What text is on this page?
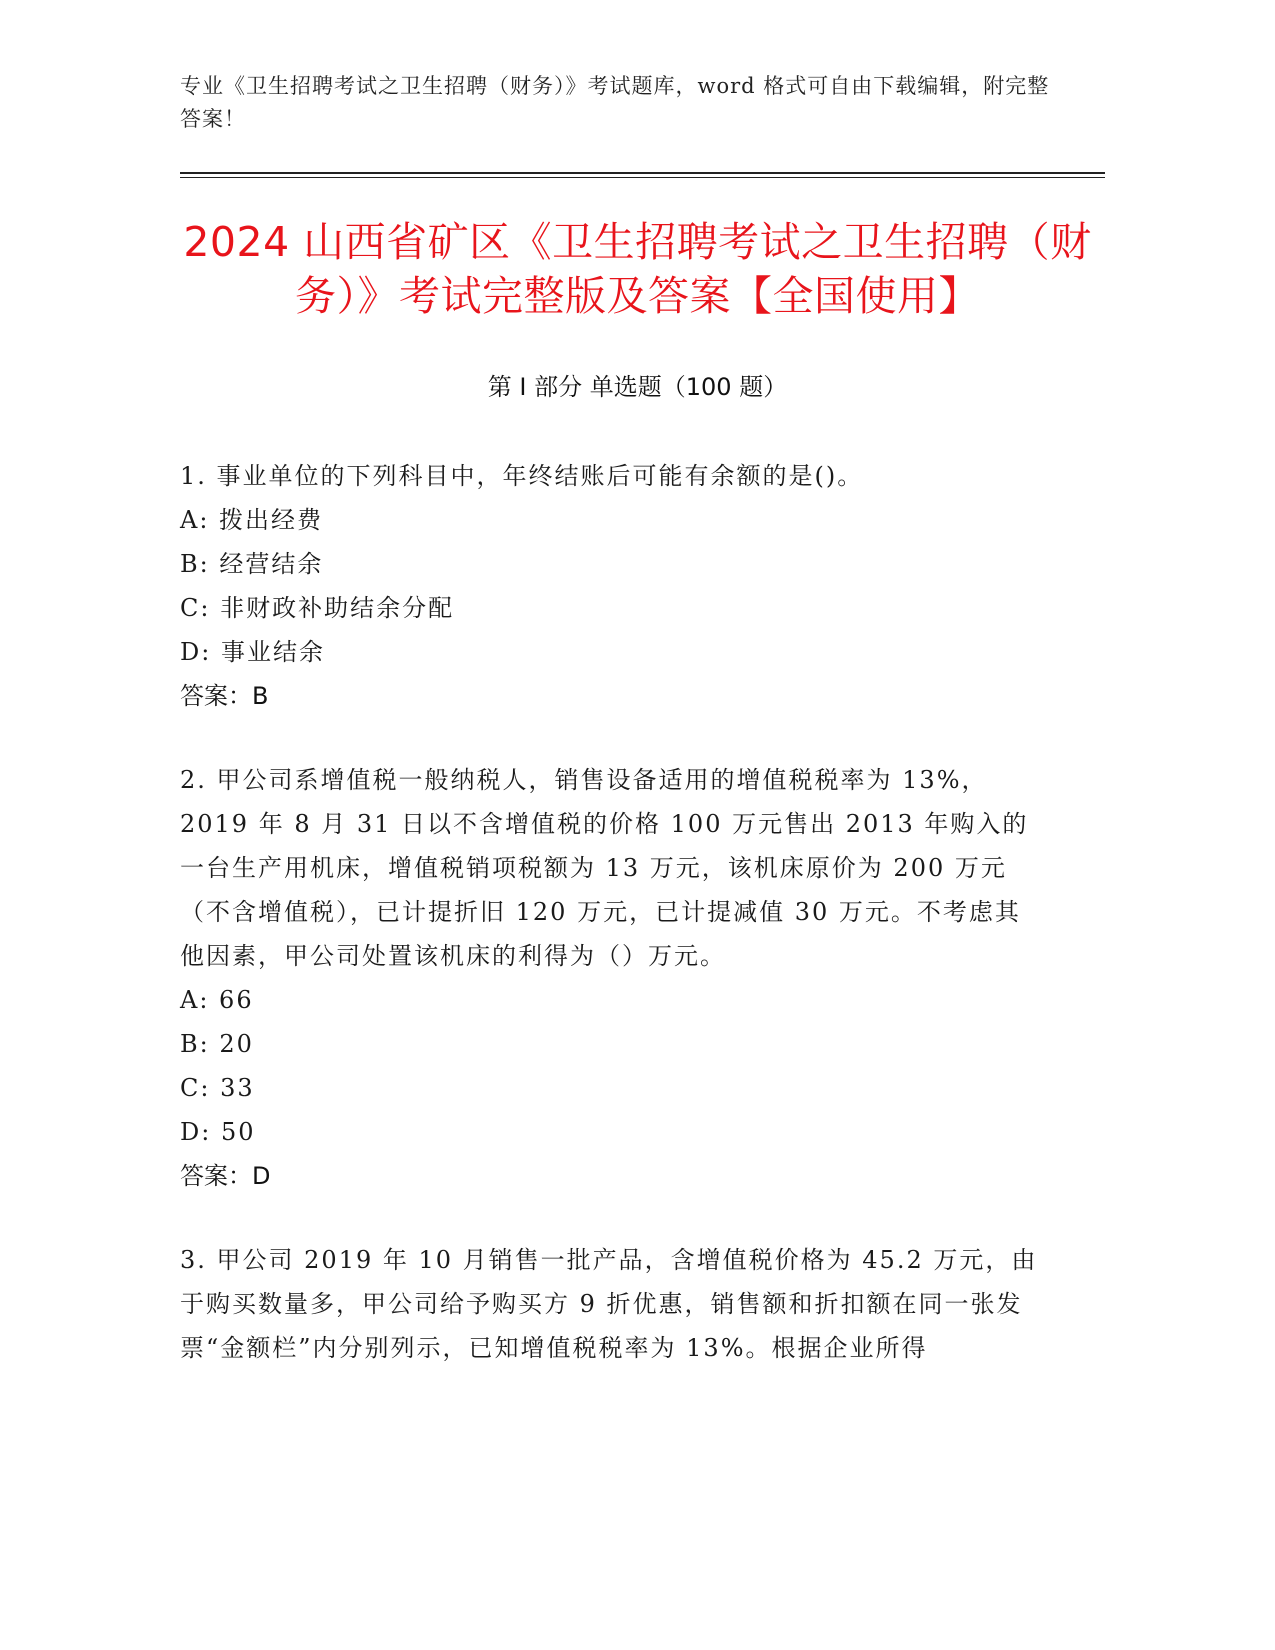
专业《卫生招聘考试之卫生招聘（财务）》考试题库，word 格式可自由下载编辑，附完整答案！
2024 山西省矿区《卫生招聘考试之卫生招聘（财务）》考试完整版及答案【全国使用】
第 I 部分 单选题（100 题）

1. 事业单位的下列科目中，年终结账后可能有余额的是()。

A: 拨出经费

B: 经营结余

C: 非财政补助结余分配

D: 事业结余

答案：B

2. 甲公司系增值税一般纳税人，销售设备适用的增值税税率为 13%，2019 年 8 月 31 日以不含增值税的价格 100 万元售出 2013 年购入的一台生产用机床，增值税销项税额为 13 万元，该机床原价为 200 万元（不含增值税），已计提折旧 120 万元，已计提减值 30 万元。不考虑其他因素，甲公司处置该机床的利得为（）万元。

A: 66

B: 20

C: 33

D: 50

答案：D

3. 甲公司 2019 年 10 月销售一批产品，含增值税价格为 45.2 万元，由于购买数量多，甲公司给予购买方 9 折优惠，销售额和折扣额在同一张发票“金额栏”内分别列示，已知增值税税率为 13%。根据企业所得
